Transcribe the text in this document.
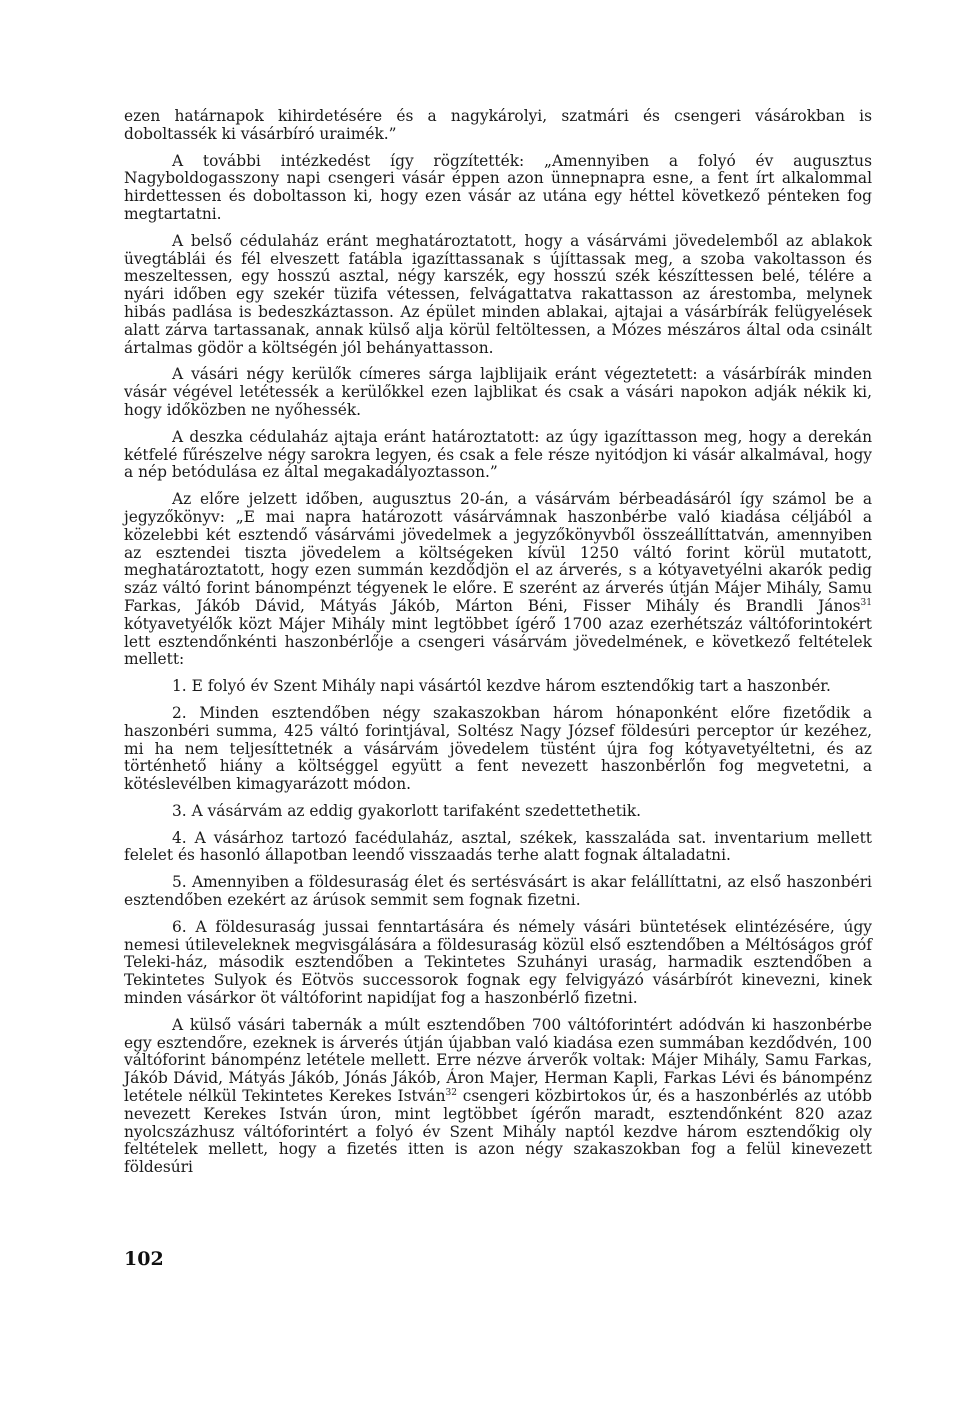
ezen határnapok kihirdetésére és a nagykárolyi, szatmári és csengeri vásárokban is doboltassék ki vásárbíró uraimék.”

A további intézkedést így rögzítették: „Amennyiben a folyó év augusztus Nagyboldogasszony napi csengeri vásár éppen azon ünnepnapra esne, a fent írt alkalommal hirdettessen és doboltasson ki, hogy ezen vásár az utána egy héttel következő pénteken fog megtartatni.

A belső cédulaház eránt meghatároztatott, hogy a vásárvámi jövedelemből az ablakok üvegtáblái és fél elveszett fatábla igazíttassanak s újíttassak meg, a szoba vakoltasson és meszeltessen, egy hosszú asztal, négy karszék, egy hosszú szék készíttessen belé, télére a nyári időben egy szekér tüzifa vétessen, felvágattatva rakattasson az árestomba, melynek hibás padlása is bedeszkáztasson. Az épület minden ablakai, ajtajai a vásárbírák felügyelések alatt zárva tartassanak, annak külső alja körül feltöltessen, a Mózes mészáros által oda csinált ártalmas gödör a költségén jól behányattasson.

A vásári négy kerülők címeres sárga lajblijaik eránt végeztetett: a vásárbírák minden vásár végével letétessék a kerülőkkel ezen lajblikat és csak a vásári napokon adják nékik ki, hogy időközben ne nyőhessék.

A deszka cédulaház ajtaja eránt határoztatott: az úgy igazíttasson meg, hogy a derekán kétfelé fűrészelve négy sarokra legyen, és csak a fele része nyitódjon ki vásár alkalmával, hogy a nép betódulása ez által megakadályoztasson.”

Az előre jelzett időben, augusztus 20-án, a vásárvám bérbeadásáról így számol be a jegyzőkönyv: „E mai napra határozott vásárvámnak haszonbérbe való kiadása céljából a közelebbi két esztendő vásárvámi jövedelmek a jegyzőkönyvből összeállíttatván, amennyiben az esztendei tiszta jövedelem a költségeken kívül 1250 váltó forint körül mutatott, meghatároztatott, hogy ezen summán kezdődjön el az árverés, s a kótyavetyélni akarók pedig száz váltó forint bánompénzt tégyenek le előre. E szerént az árverés útján Májer Mihály, Samu Farkas, Jákób Dávid, Mátyás Jákób, Márton Béni, Fisser Mihály és Brandli János$^{31}$ kótyavetyélők közt Májer Mihály mint legtöbbet ígérő 1700 azaz ezerhétszáz váltóforintokért lett esztendőnkénti haszonbérlője a csengeri vásárvám jövedelmének, e következő feltételek mellett:

1. E folyó év Szent Mihály napi vásártól kezdve három esztendőkig tart a haszonbér.

2. Minden esztendőben négy szakaszokban három hónaponként előre fizetődik a haszonbéri summa, 425 váltó forintjával, Soltész Nagy József földesúri perceptor úr kezéhez, mi ha nem teljesíttetnék a vásárvám jövedelem tüstént újra fog kótyavetyéltetni, és az történhető hiány a költséggel együtt a fent nevezett haszonbérlőn fog megvetetni, a kötéslevélben kimagyarázott módon.

3. A vásárvám az eddig gyakorlott tarifaként szedettethetik.

4. A vásárhoz tartozó facédulaház, asztal, székek, kasszaláda sat. inventarium mellett felelet és hasonló állapotban leendő visszaadás terhe alatt fognak általadatni.

5. Amennyiben a földesuraság élet és sertésvásárt is akar felállíttatni, az első haszonbéri esztendőben ezekért az árúsok semmit sem fognak fizetni.

6. A földesuraság jussai fenntartására és némely vásári büntetések elintézésére, úgy nemesi útileveleknek megvisgálására a földesuraság közül első esztendőben a Méltóságos gróf Teleki-ház, második esztendőben a Tekintetes Szuhányi uraság, harmadik esztendőben a Tekintetes Sulyok és Eötvös successorok fognak egy felvigyázó vásárbírót kinevezni, kinek minden vásárkor öt váltóforint napidíjat fog a haszonbérlő fizetni.

A külső vásári tabernák a múlt esztendőben 700 váltóforintért adódván ki haszonbérbe egy esztendőre, ezeknek is árverés útján újabban való kiadása ezen summában kezdődvén, 100 váltóforint bánompénz letétele mellett. Erre nézve árverők voltak: Májer Mihály, Samu Farkas, Jákób Dávid, Mátyás Jákób, Jónás Jákób, Áron Majer, Herman Kapli, Farkas Lévi és bánompénz letétele nélkül Tekintetes Kerekes István$^{32}$ csengeri közbirtokos úr, és a haszonbérlés az utóbb nevezett Kerekes István úron, mint legtöbbet ígérőn maradt, esztendőnként 820 azaz nyolcszázhusz váltóforintért a folyó év Szent Mihály naptól kezdve három esztendőkig oly feltételek mellett, hogy a fizetés itten is azon négy szakaszokban fog a felül kinevezett földesúri

102
